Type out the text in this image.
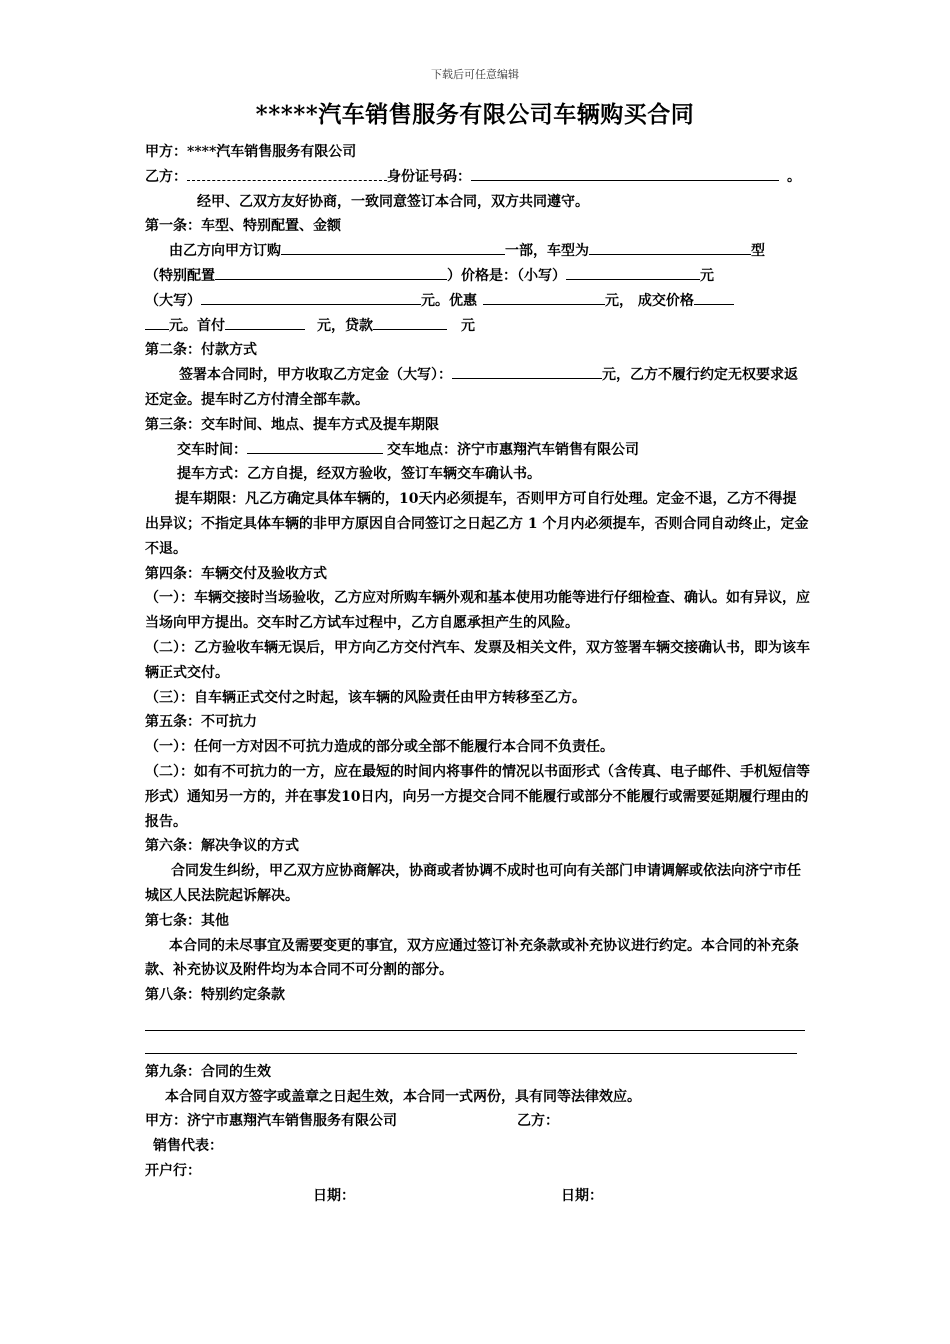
下载后可任意编辑
*****汽车销售服务有限公司车辆购买合同

甲方：****汽车销售服务有限公司

乙方：	身份证号码：	。

经甲、乙双方友好协商，一致同意签订本合同，双方共同遵守。

第一条：车型、特别配置、金额

由乙方向甲方订购	一部，车型为	型

（特别配置	）价格是：（小写）	元

（大写）	元。优惠	元， 成交价格

元。首付	元，贷款	元

第二条：付款方式

签署本合同时，甲方收取乙方定金（大写）：	元，乙方不履行约定无权要求返还定金。提车时乙方付清全部车款。

第三条：交车时间、地点、提车方式及提车期限

交车时间：	交车地点：济宁市惠翔汽车销售有限公司

提车方式：乙方自提，经双方验收，签订车辆交车确认书。

提车期限：凡乙方确定具体车辆的，10天内必须提车，否则甲方可自行处理。定金不退，乙方不得提出异议；不指定具体车辆的非甲方原因自合同签订之日起乙方 1 个月内必须提车，否则合同自动终止，定金不退。

第四条：车辆交付及验收方式

（一）：车辆交接时当场验收，乙方应对所购车辆外观和基本使用功能等进行仔细检查、确认。如有异议，应当场向甲方提出。交车时乙方试车过程中，乙方自愿承担产生的风险。

（二）：乙方验收车辆无误后，甲方向乙方交付汽车、发票及相关文件，双方签署车辆交接确认书，即为该车辆正式交付。

（三）：自车辆正式交付之时起，该车辆的风险责任由甲方转移至乙方。

第五条：不可抗力

（一）：任何一方对因不可抗力造成的部分或全部不能履行本合同不负责任。

（二）：如有不可抗力的一方，应在最短的时间内将事件的情况以书面形式（含传真、电子邮件、手机短信等形式）通知另一方的，并在事发10日内，向另一方提交合同不能履行或部分不能履行或需要延期履行理由的报告。

第六条：解决争议的方式

合同发生纠纷，甲乙双方应协商解决，协商或者协调不成时也可向有关部门申请调解或依法向济宁市任城区人民法院起诉解决。

第七条：其他

本合同的未尽事宜及需要变更的事宜，双方应通过签订补充条款或补充协议进行约定。本合同的补充条款、补充协议及附件均为本合同不可分割的部分。

第八条：特别约定条款

第九条：合同的生效

本合同自双方签字或盖章之日起生效，本合同一式两份，具有同等法律效应。

甲方：济宁市惠翔汽车销售服务有限公司	乙方：

销售代表：

开户行：

日期：	日期：
